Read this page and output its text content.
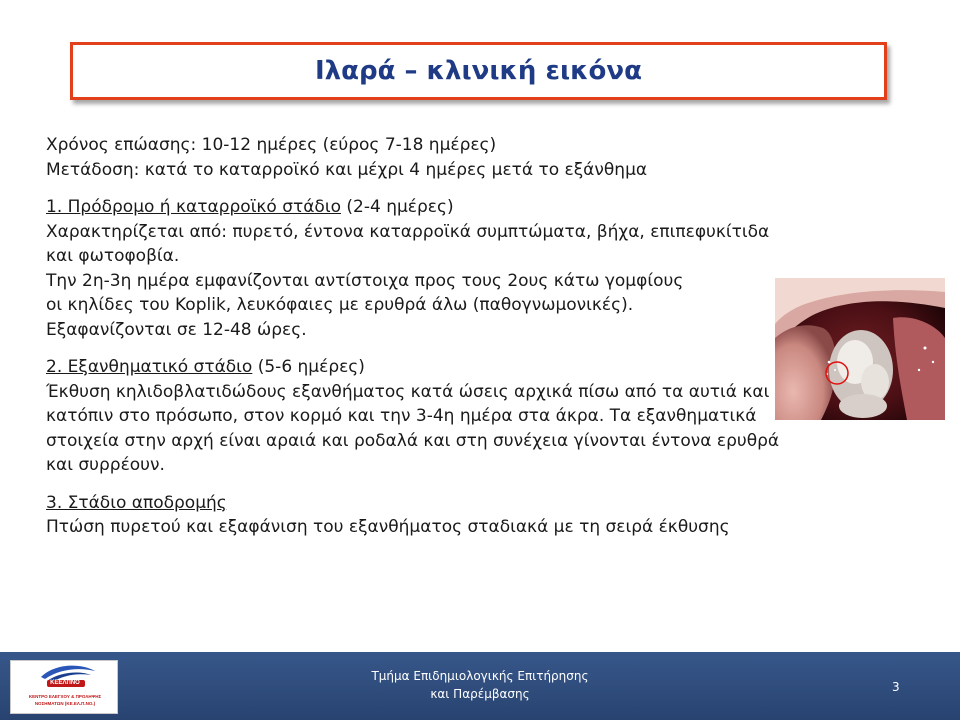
Ιλαρά – κλινική εικόνα

Χρόνος επώασης: 10-12 ημέρες (εύρος 7-18 ημέρες)

Μετάδοση: κατά το καταρροϊκό και μέχρι 4 ημέρες μετά το εξάνθημα

1. Πρόδρομο ή καταρροϊκό στάδιο (2-4 ημέρες)

Χαρακτηρίζεται από: πυρετό, έντονα καταρροϊκά συμπτώματα, βήχα, επιπεφυκίτιδα

και φωτοφοβία.

Την 2η-3η ημέρα εμφανίζονται αντίστοιχα προς τους 2ους κάτω γομφίους

οι κηλίδες του Koplik, λευκόφαιες με ερυθρά άλω (παθογνωμονικές).

Εξαφανίζονται σε 12-48 ώρες.

2. Εξανθηματικό στάδιο (5-6 ημέρες)

Έκθυση κηλιδοβλατιδώδους εξανθήματος κατά ώσεις αρχικά πίσω από τα αυτιά και

κατόπιν στο πρόσωπο, στον κορμό και την 3-4η ημέρα στα άκρα. Τα εξανθηματικά

στοιχεία στην αρχή είναι αραιά και ροδαλά και στη συνέχεια γίνονται έντονα ερυθρά

και συρρέουν.

3. Στάδιο αποδρομής

Πτώση πυρετού και εξαφάνιση του εξανθήματος σταδιακά με τη σειρά έκθυσης

ΚΕΕΛΠΝΟ
ΚΕΝΤΡΟ ΕΛΕΓΧΟΥ & ΠΡΟΛΗΨΗΣ
ΝΟΣΗΜΑΤΩΝ (ΚΕ.ΕΛ.Π.ΝΟ.)
Τμήμα Επιδημιολογικής Επιτήρησης
και Παρέμβασης	3
